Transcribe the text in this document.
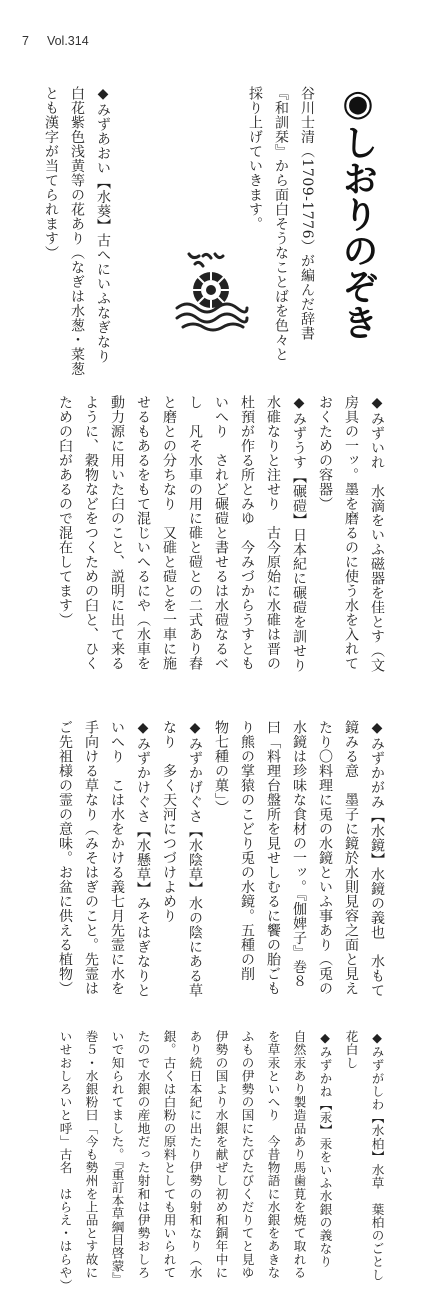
7 Vol.314
◉しおりのぞき
谷川士清（1709-1776）が編んだ辞書
『和訓栞』から面白そうなことばを色々と
採り上げていきます。
◆みずあおい【水葵】古へにいふなぎなり
白花紫色浅黄等の花あり（なぎは水葱・菜葱
とも漢字が当てられます）
◆みずいれ　水滴をいふ磁器を佳とす（文
房具の一ッ。墨を磨るのに使う水を入れて
おくための容器）
◆みずうす【碾磑】日本紀に碾磑を訓せり
水碓なりと注せり　古今原始に水碓は晋の
杜預が作る所とみゆ　今みづからうすとも
いへり　されど碾磑と書せるは水磑なるべ
し　凡そ水車の用に碓と磑との二式あり舂
と磨との分ちなり　又碓と磑とを一車に施
せるもあるをもて混じいへるにや（水車を
動力源に用いた臼のこと、説明に出て来る
ように、穀物などをつくための臼と、ひく
ための臼があるので混在してます）
◆みずかがみ【水鏡】水鏡の義也　水もて
鏡みる意　墨子に鏡於水則見容之面と見え
たり〇料理に兎の水鏡といふ事あり（兎の
水鏡は珍味な食材の一ッ。『伽婢子』巻８
曰「料理台盤所を見せしむるに饗の胎ごも
り熊の掌猿のこどり兎の水鏡。五種の削
物七種の菓」）
◆みずかげぐさ【水陰草】水の陰にある草
なり　多く天河につづけよめり
◆みずかけぐさ【水懸草】みそはぎなりと
いへり　こは水をかける義七月先霊に水を
手向ける草なり（みそはぎのこと。先霊は
ご先祖様の霊の意味。お盆に供える植物）
◆みずがしわ【水柏】水草　葉柏のごとし
花白し
◆みずかね【汞】汞をいふ水銀の義なり
自然汞あり製造品あり馬歯莧を焼て取れる
を草汞といへり　今昔物語に水銀をあきな
ふもの伊勢の国にたびたびくだりてと見ゆ
伊勢の国より水銀を献ぜし初め和銅年中に
あり続日本紀に出たり伊勢の射和なり（水
銀。古くは白粉の原料としても用いられて
たので水銀の産地だった射和は伊勢おしろ
いで知られてました。『重訂本草綱目啓蒙』
巻５・水銀粉曰「今も勢州を上品とす故に
いせおしろいと呼」古名　はらえ・はらや）
